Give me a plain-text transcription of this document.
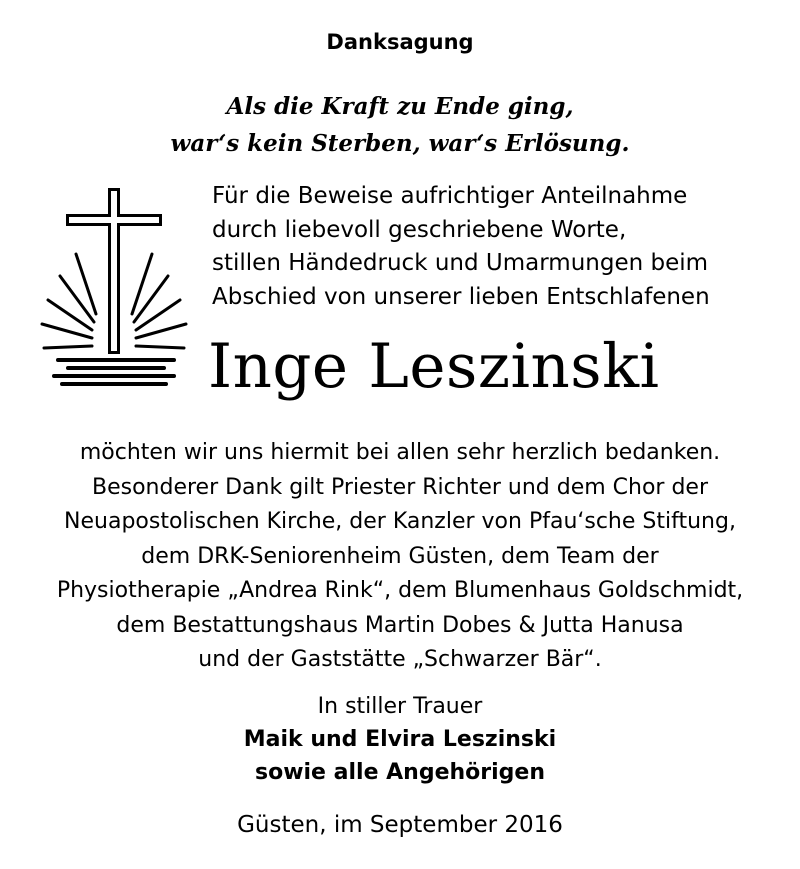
Danksagung
Als die Kraft zu Ende ging,
war‘s kein Sterben, war‘s Erlösung.
Für die Beweise aufrichtiger Anteilnahme
durch liebevoll geschriebene Worte,
stillen Händedruck und Umarmungen beim
Abschied von unserer lieben Entschlafenen
Inge Leszinski
möchten wir uns hiermit bei allen sehr herzlich bedanken.
Besonderer Dank gilt Priester Richter und dem Chor der
Neuapostolischen Kirche, der Kanzler von Pfau‘sche Stiftung,
dem DRK-Seniorenheim Güsten, dem Team der
Physiotherapie „Andrea Rink“, dem Blumenhaus Goldschmidt,
dem Bestattungshaus Martin Dobes & Jutta Hanusa
und der Gaststätte „Schwarzer Bär“.
In stiller Trauer
Maik und Elvira Leszinski
sowie alle Angehörigen
Güsten, im September 2016
